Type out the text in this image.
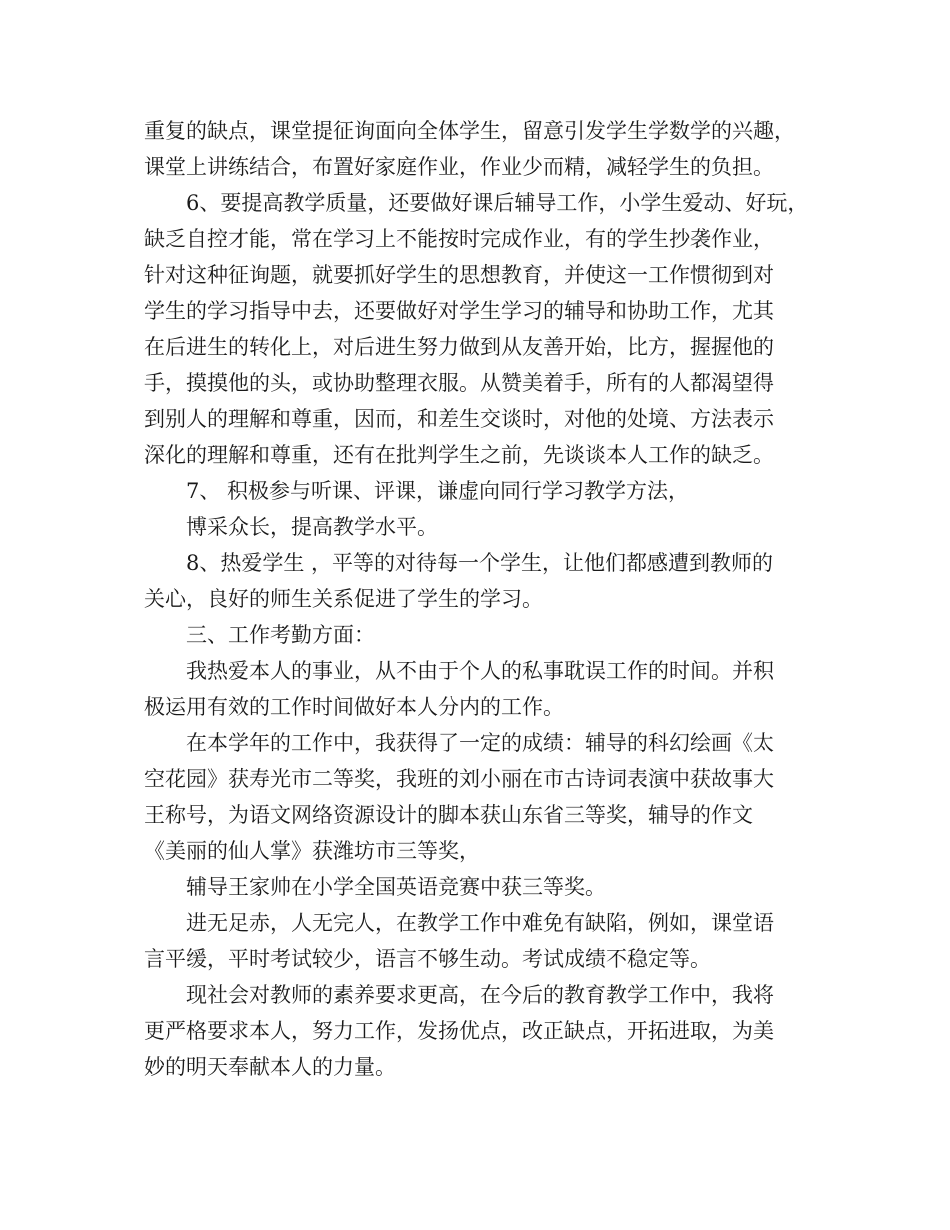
重复的缺点，课堂提征询面向全体学生，留意引发学生学数学的兴趣，
课堂上讲练结合，布置好家庭作业，作业少而精，减轻学生的负担。
6、要提高教学质量，还要做好课后辅导工作，小学生爱动、好玩，
缺乏自控才能，常在学习上不能按时完成作业，有的学生抄袭作业，
针对这种征询题，就要抓好学生的思想教育，并使这一工作惯彻到对
学生的学习指导中去，还要做好对学生学习的辅导和协助工作，尤其
在后进生的转化上，对后进生努力做到从友善开始，比方，握握他的
手，摸摸他的头，或协助整理衣服。从赞美着手，所有的人都渴望得
到别人的理解和尊重，因而，和差生交谈时，对他的处境、方法表示
深化的理解和尊重，还有在批判学生之前，先谈谈本人工作的缺乏。
7、 积极参与听课、评课，谦虚向同行学习教学方法，
博采众长，提高教学水平。
8、热爱学生 ，平等的对待每一个学生，让他们都感遭到教师的
关心，良好的师生关系促进了学生的学习。
三、工作考勤方面：
我热爱本人的事业，从不由于个人的私事耽误工作的时间。并积
极运用有效的工作时间做好本人分内的工作。
在本学年的工作中，我获得了一定的成绩：辅导的科幻绘画《太
空花园》获寿光市二等奖，我班的刘小丽在市古诗词表演中获故事大
王称号，为语文网络资源设计的脚本获山东省三等奖，辅导的作文
《美丽的仙人掌》获潍坊市三等奖，
辅导王家帅在小学全国英语竞赛中获三等奖。
进无足赤，人无完人，在教学工作中难免有缺陷，例如，课堂语
言平缓，平时考试较少，语言不够生动。考试成绩不稳定等。
现社会对教师的素养要求更高，在今后的教育教学工作中，我将
更严格要求本人，努力工作，发扬优点，改正缺点，开拓进取，为美
妙的明天奉献本人的力量。
